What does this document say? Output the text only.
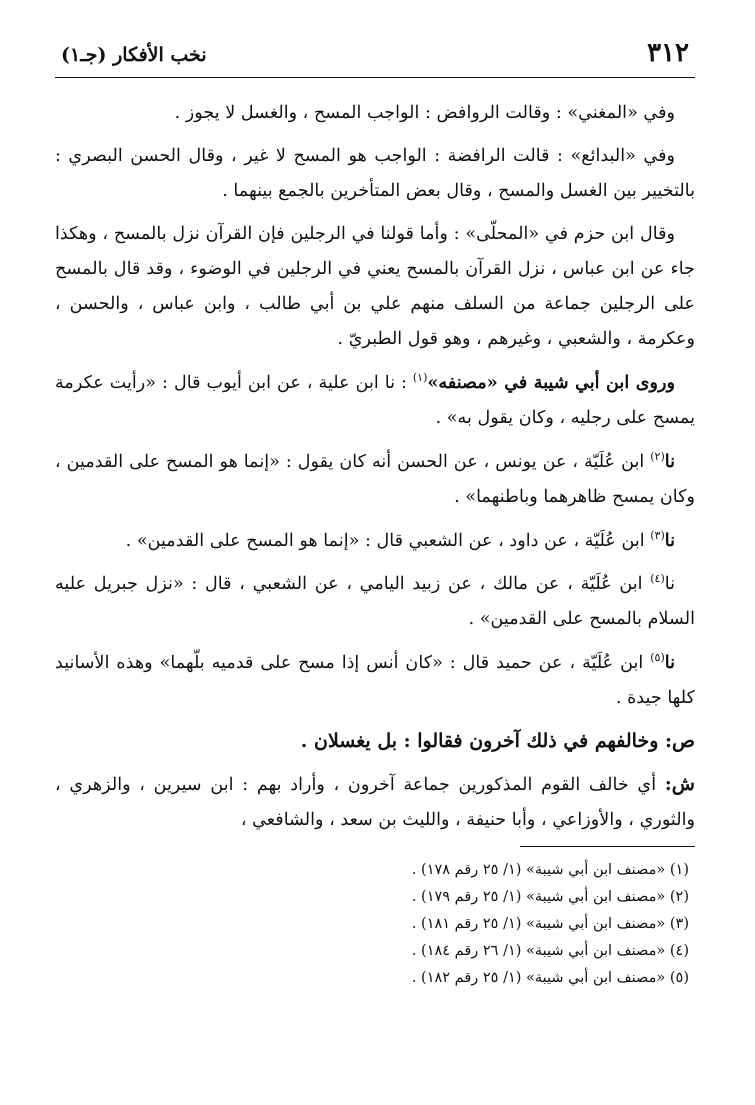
٣١٢
نخب الأفكار (جـ١)

وفي «المغني» : وقالت الروافض : الواجب المسح ، والغسل لا يجوز .

وفي «البدائع» : قالت الرافضة : الواجب هو المسح لا غير ، وقال الحسن البصري : بالتخيير بين الغسل والمسح ، وقال بعض المتأخرين بالجمع بينهما .

وقال ابن حزم في «المحلّى» : وأما قولنا في الرجلين فإن القرآن نزل بالمسح ، وهكذا جاء عن ابن عباس ، نزل القرآن بالمسح يعني في الرجلين في الوضوء ، وقد قال بالمسح على الرجلين جماعة من السلف منهم علي بن أبي طالب ، وابن عباس ، والحسن ، وعكرمة ، والشعبي ، وغيرهم ، وهو قول الطبريّ .

وروى ابن أبي شيبة في «مصنفه»$^{(١)}$ : نا ابن علية ، عن ابن أيوب قال : «رأيت عكرمة يمسح على رجليه ، وكان يقول به» .

نا$^{(٢)}$ ابن عُلَيّة ، عن يونس ، عن الحسن أنه كان يقول : «إنما هو المسح على القدمين ، وكان يمسح ظاهرهما وباطنهما» .

نا$^{(٣)}$ ابن عُلَيّة ، عن داود ، عن الشعبي قال : «إنما هو المسح على القدمين» .

نا$^{(٤)}$ ابن عُلَيّة ، عن مالك ، عن زبيد اليامي ، عن الشعبي ، قال : «نزل جبريل عليه السلام بالمسح على القدمين» .

نا$^{(٥)}$ ابن عُلَيّة ، عن حميد قال : «كان أنس إذا مسح على قدميه بلّهما» وهذه الأسانيد كلها جيدة .

ص: وخالفهم في ذلك آخرون فقالوا : بل يغسلان .

ش: أي خالف القوم المذكورين جماعة آخرون ، وأراد بهم : ابن سيرين ، والزهري ، والثوري ، والأوزاعي ، وأبا حنيفة ، والليث بن سعد ، والشافعي ،

(١) «مصنف ابن أبي شيبة» (١/ ٢٥ رقم ١٧٨) .

(٢) «مصنف ابن أبي شيبة» (١/ ٢٥ رقم ١٧٩) .

(٣) «مصنف ابن أبي شيبة» (١/ ٢٥ رقم ١٨١) .

(٤) «مصنف ابن أبي شيبة» (١/ ٢٦ رقم ١٨٤) .

(٥) «مصنف ابن أبي شيبة» (١/ ٢٥ رقم ١٨٢) .
